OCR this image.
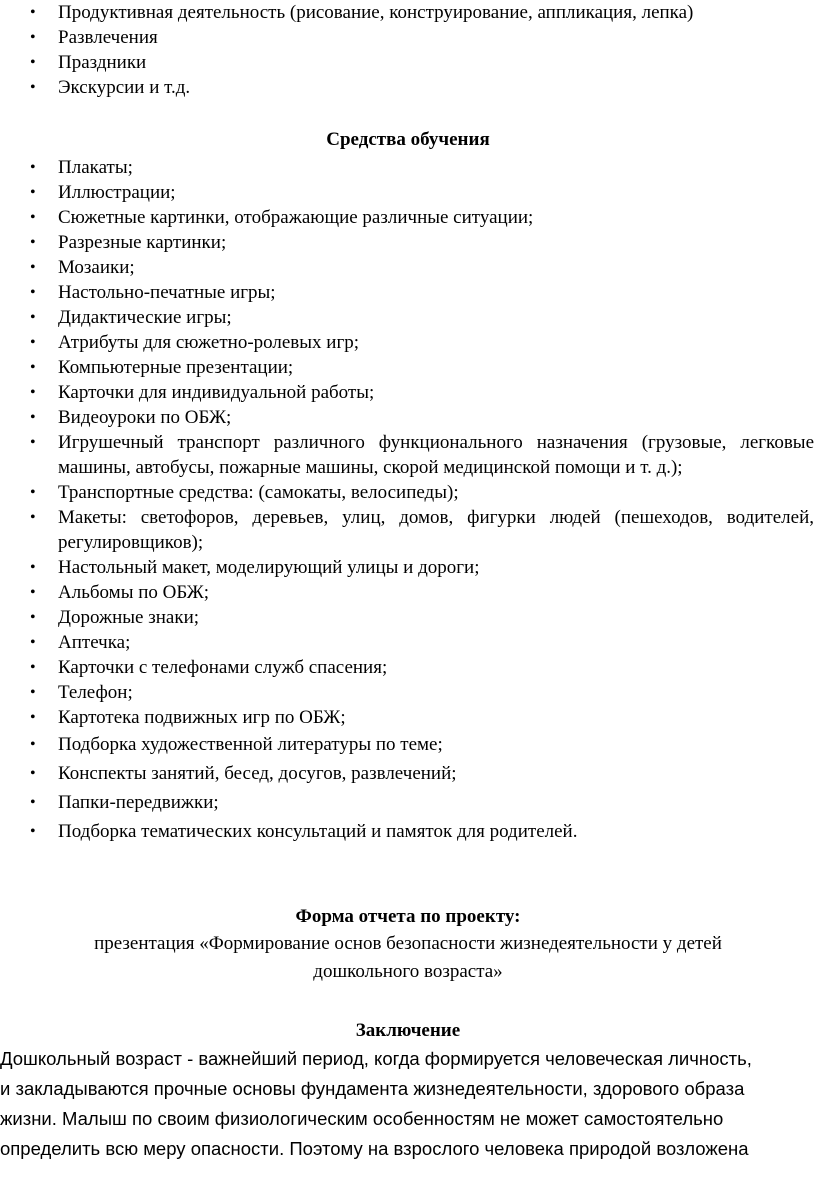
• Продуктивная деятельность (рисование, конструирование, аппликация, лепка)
• Развлечения
• Праздники
• Экскурсии и т.д.
Средства обучения
• Плакаты;
• Иллюстрации;
• Сюжетные картинки, отображающие различные ситуации;
• Разрезные картинки;
• Мозаики;
• Настольно-печатные игры;
• Дидактические игры;
• Атрибуты для сюжетно-ролевых игр;
• Компьютерные презентации;
• Карточки для индивидуальной работы;
• Видеоуроки по ОБЖ;
• Игрушечный транспорт различного функционального назначения (грузовые, легковые машины, автобусы, пожарные машины, скорой медицинской помощи и т. д.);
• Транспортные средства: (самокаты, велосипеды);
• Макеты: светофоров, деревьев, улиц, домов, фигурки людей (пешеходов, водителей, регулировщиков);
• Настольный макет, моделирующий улицы и дороги;
• Альбомы по ОБЖ;
• Дорожные знаки;
• Аптечка;
• Карточки с телефонами служб спасения;
• Телефон;
• Картотека подвижных игр по ОБЖ;
• Подборка художественной литературы по теме;
• Конспекты занятий, бесед, досугов, развлечений;
• Папки-передвижки;
• Подборка тематических консультаций и памяток для родителей.
Форма отчета по проекту:
презентация «Формирование основ безопасности жизнедеятельности у детей
дошкольного возраста»
Заключение
Дошкольный возраст - важнейший период, когда формируется человеческая личность,
и закладываются прочные основы фундамента жизнедеятельности, здорового образа
жизни. Малыш по своим физиологическим особенностям не может самостоятельно
определить всю меру опасности. Поэтому на взрослого человека природой возложена
